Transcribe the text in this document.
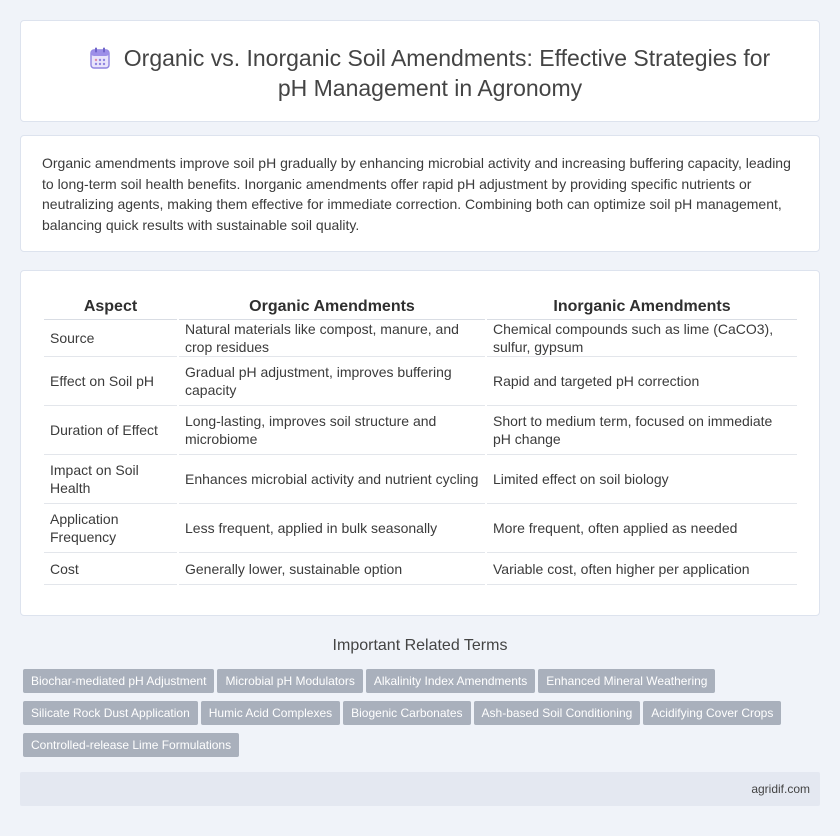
Organic vs. Inorganic Soil Amendments: Effective Strategies for
pH Management in Agronomy

Organic amendments improve soil pH gradually by enhancing microbial activity and increasing buffering capacity, leading to long-term soil health benefits. Inorganic amendments offer rapid pH adjustment by providing specific nutrients or neutralizing agents, making them effective for immediate correction. Combining both can optimize soil pH management, balancing quick results with sustainable soil quality.

Aspect	Organic Amendments	Inorganic Amendments
Source	Natural materials like compost, manure, and crop residues	Chemical compounds such as lime (CaCO3), sulfur, gypsum
Effect on Soil pH	Gradual pH adjustment, improves buffering capacity	Rapid and targeted pH correction
Duration of Effect	Long-lasting, improves soil structure and microbiome	Short to medium term, focused on immediate pH change
Impact on Soil Health	Enhances microbial activity and nutrient cycling	Limited effect on soil biology
Application Frequency	Less frequent, applied in bulk seasonally	More frequent, often applied as needed
Cost	Generally lower, sustainable option	Variable cost, often higher per application
Important Related Terms
Biochar-mediated pH Adjustment Microbial pH Modulators Alkalinity Index Amendments Enhanced Mineral Weathering
Silicate Rock Dust Application Humic Acid Complexes Biogenic Carbonates Ash-based Soil Conditioning Acidifying Cover Crops
Controlled-release Lime Formulations
agridif.com
